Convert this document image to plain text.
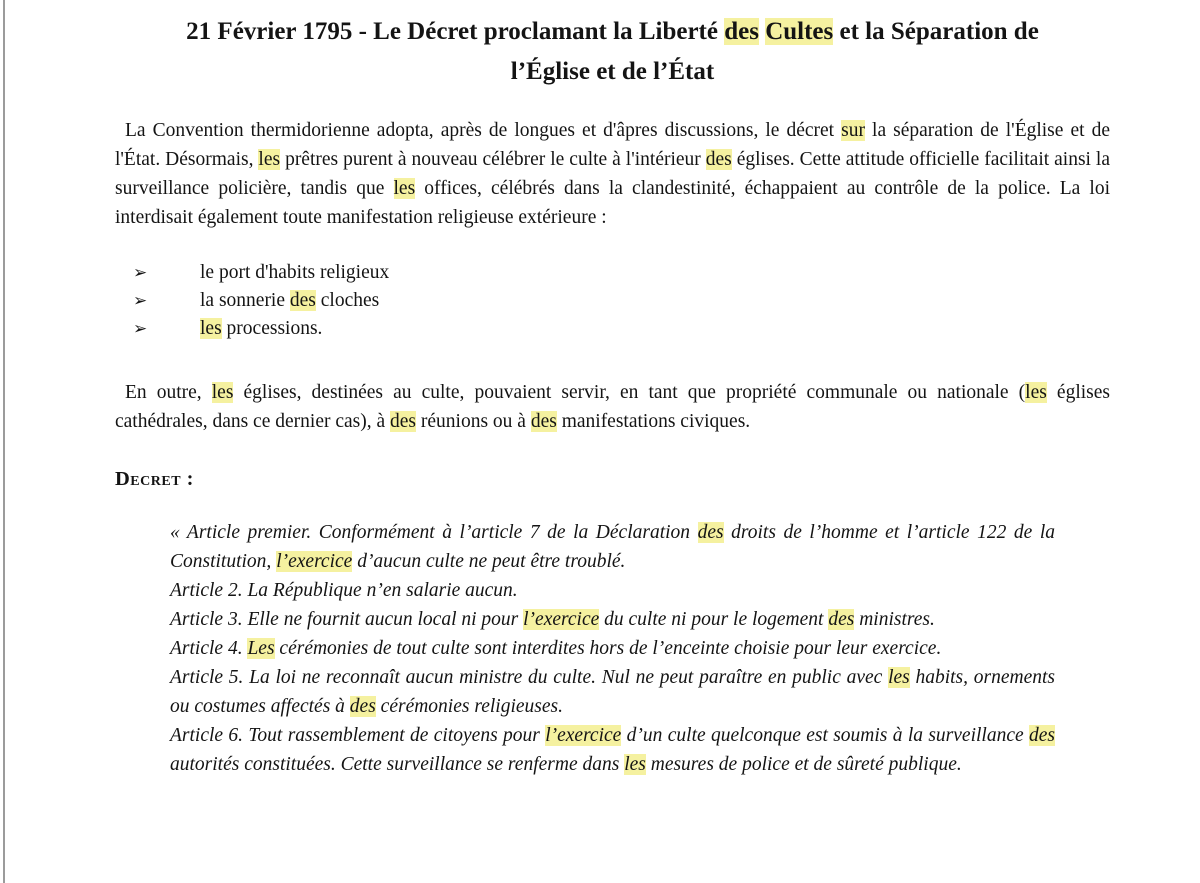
21 Février 1795 - Le Décret proclamant la Liberté des Cultes et la Séparation de
l’Église et de l’État

La Convention thermidorienne adopta, après de longues et d'âpres discussions, le décret sur la séparation de l'Église et de l'État. Désormais, les prêtres purent à nouveau célébrer le culte à l'intérieur des églises. Cette attitude officielle facilitait ainsi la surveillance policière, tandis que les offices, célébrés dans la clandestinité, échappaient au contrôle de la police. La loi interdisait également toute manifestation religieuse extérieure :

➢	le port d'habits religieux
➢	la sonnerie des cloches
➢	les processions.

En outre, les églises, destinées au culte, pouvaient servir, en tant que propriété communale ou nationale (les églises cathédrales, dans ce dernier cas), à des réunions ou à des manifestations civiques.

Decret :

« Article premier. Conformément à l’article 7 de la Déclaration des droits de l’homme et l’article 122 de la Constitution, l’exercice d’aucun culte ne peut être troublé.

Article 2. La République n’en salarie aucun.

Article 3. Elle ne fournit aucun local ni pour l’exercice du culte ni pour le logement des ministres.

Article 4. Les cérémonies de tout culte sont interdites hors de l’enceinte choisie pour leur exercice.

Article 5. La loi ne reconnaît aucun ministre du culte. Nul ne peut paraître en public avec les habits, ornements ou costumes affectés à des cérémonies religieuses.

Article 6. Tout rassemblement de citoyens pour l’exercice d’un culte quelconque est soumis à la surveillance des autorités constituées. Cette surveillance se renferme dans les mesures de police et de sûreté publique.
